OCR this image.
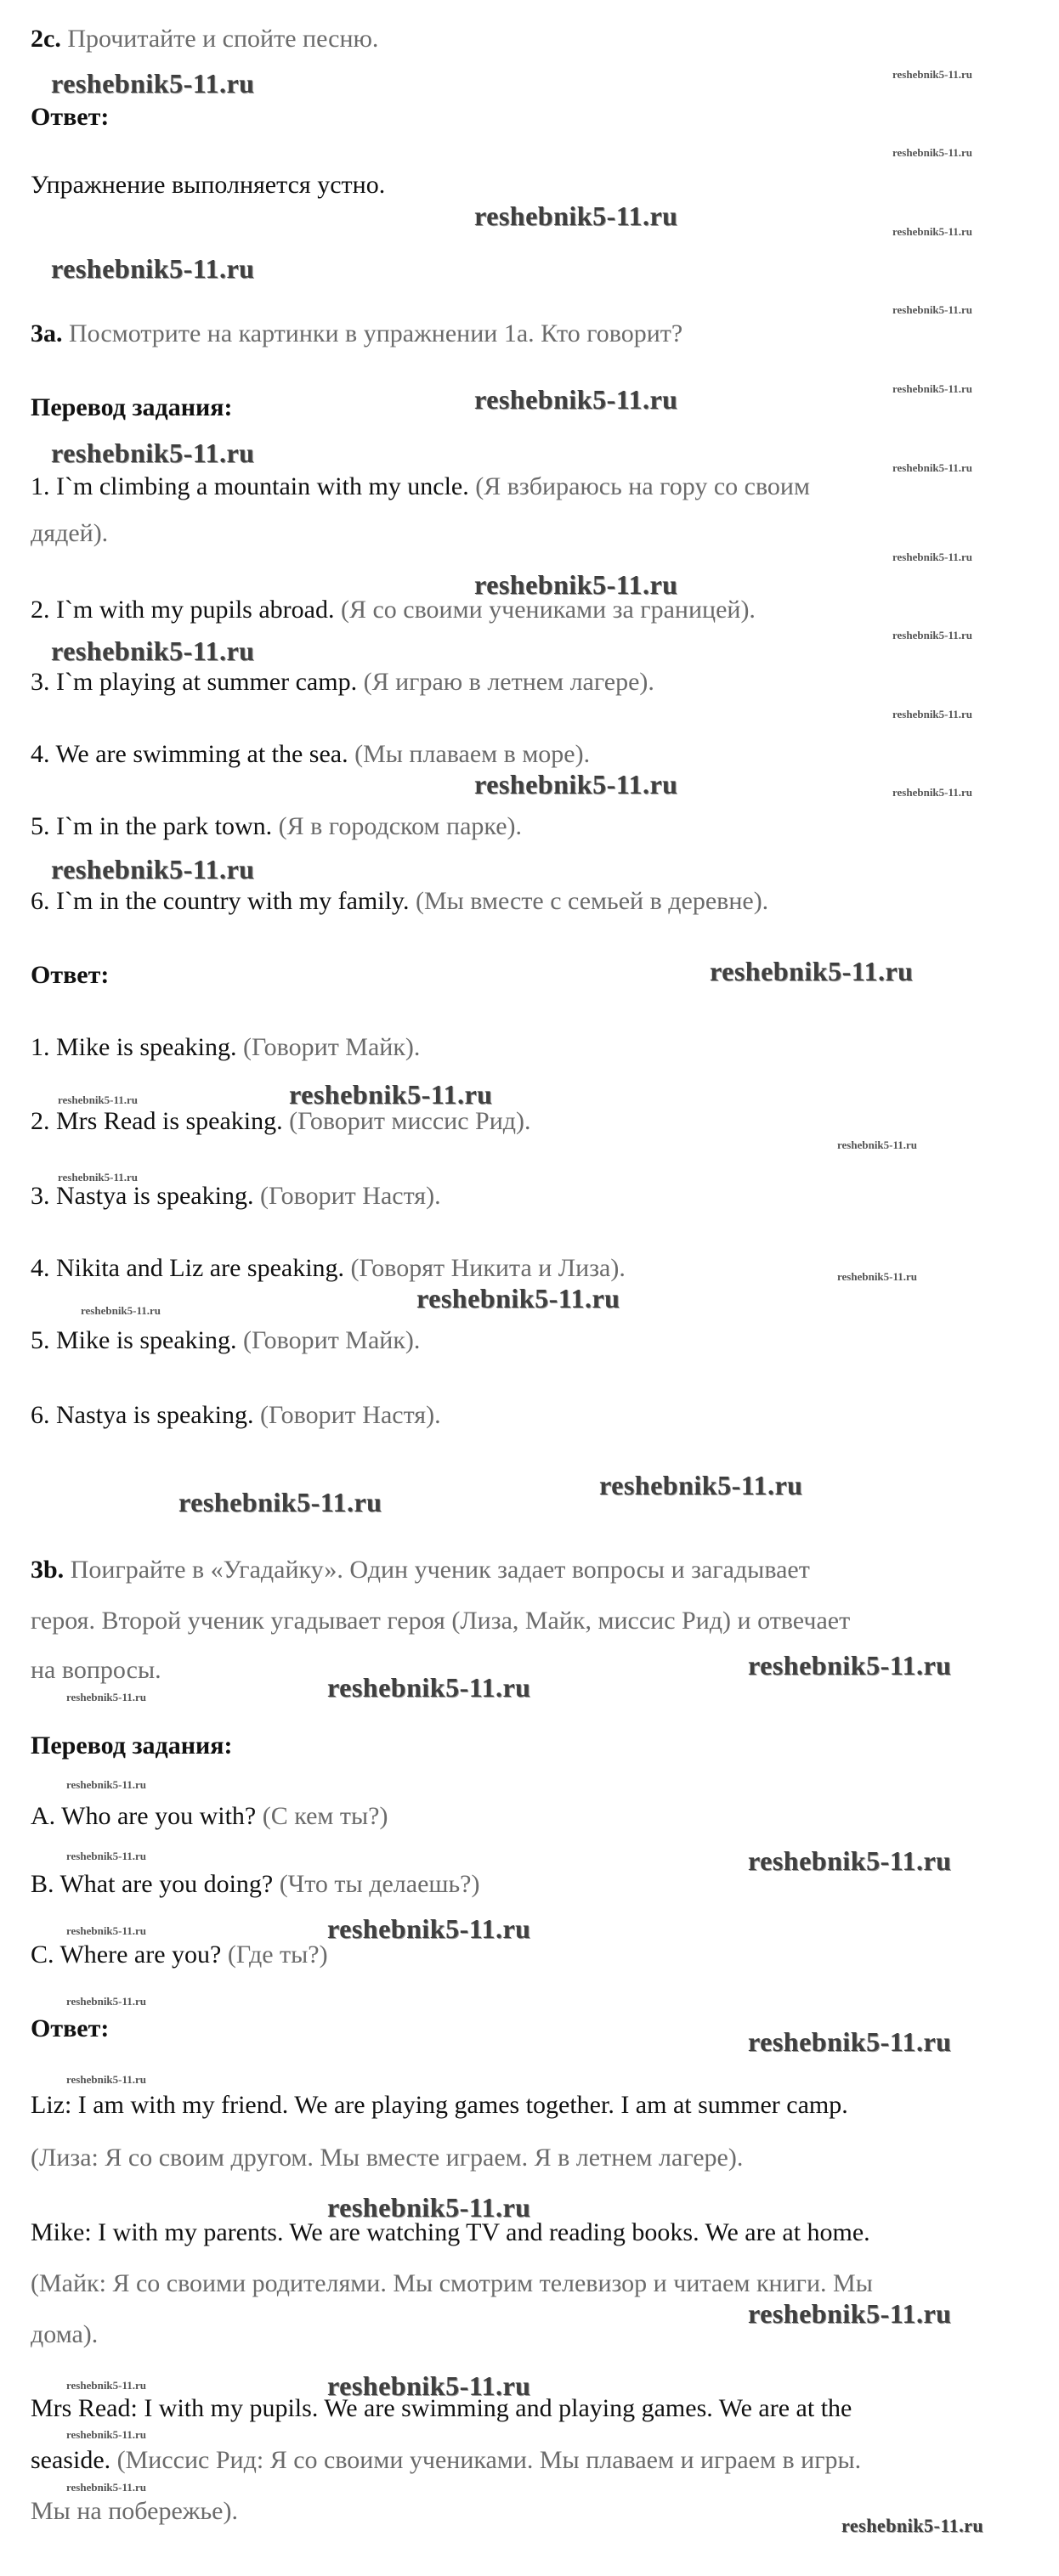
2c. Прочитайте и спойте песню.
Ответ:
Упражнение выполняется устно.
3a. Посмотрите на картинки в упражнении 1a. Кто говорит?
Перевод задания:
1. I`m climbing a mountain with my uncle. (Я взбираюсь на гору со своим
дядей).
2. I`m with my pupils abroad. (Я со своими учениками за границей).
3. I`m playing at summer camp. (Я играю в летнем лагере).
4. We are swimming at the sea. (Мы плаваем в море).
5. I`m in the park town. (Я в городском парке).
6. I`m in the country with my family. (Мы вместе с семьей в деревне).
Ответ:
1. Mike is speaking. (Говорит Майк).
2. Mrs Read is speaking. (Говорит миссис Рид).
3. Nastya is speaking. (Говорит Настя).
4. Nikita and Liz are speaking. (Говорят Никита и Лиза).
5. Mike is speaking. (Говорит Майк).
6. Nastya is speaking. (Говорит Настя).
3b. Поиграйте в «Угадайку». Один ученик задает вопросы и загадывает
героя. Второй ученик угадывает героя (Лиза, Майк, миссис Рид) и отвечает
на вопросы.
Перевод задания:
A. Who are you with? (С кем ты?)
B. What are you doing? (Что ты делаешь?)
C. Where are you? (Где ты?)
Ответ:
Liz: I am with my friend. We are playing games together. I am at summer camp.
(Лиза: Я со своим другом. Мы вместе играем. Я в летнем лагере).
Mike: I with my parents. We are watching TV and reading books. We are at home.
(Майк: Я со своими родителями. Мы смотрим телевизор и читаем книги. Мы
дома).
Mrs Read: I with my pupils. We are swimming and playing games. We are at the
seaside. (Миссис Рид: Я со своими учениками. Мы плаваем и играем в игры.
Мы на побережье).
reshebnik5-11.ru
reshebnik5-11.ru
reshebnik5-11.ru
reshebnik5-11.ru
reshebnik5-11.ru
reshebnik5-11.ru
reshebnik5-11.ru
reshebnik5-11.ru
reshebnik5-11.ru
reshebnik5-11.ru
reshebnik5-11.ru
reshebnik5-11.ru
reshebnik5-11.ru
reshebnik5-11.ru
reshebnik5-11.ru
reshebnik5-11.ru
reshebnik5-11.ru
reshebnik5-11.ru
reshebnik5-11.ru
reshebnik5-11.ru
reshebnik5-11.ru
reshebnik5-11.ru
reshebnik5-11.ru
reshebnik5-11.ru
reshebnik5-11.ru
reshebnik5-11.ru
reshebnik5-11.ru
reshebnik5-11.ru
reshebnik5-11.ru
reshebnik5-11.ru
reshebnik5-11.ru
reshebnik5-11.ru
reshebnik5-11.ru
reshebnik5-11.ru
reshebnik5-11.ru
reshebnik5-11.ru
reshebnik5-11.ru
reshebnik5-11.ru
reshebnik5-11.ru
reshebnik5-11.ru
reshebnik5-11.ru
reshebnik5-11.ru
reshebnik5-11.ru
reshebnik5-11.ru
reshebnik5-11.ru
reshebnik5-11.ru
reshebnik5-11.ru
